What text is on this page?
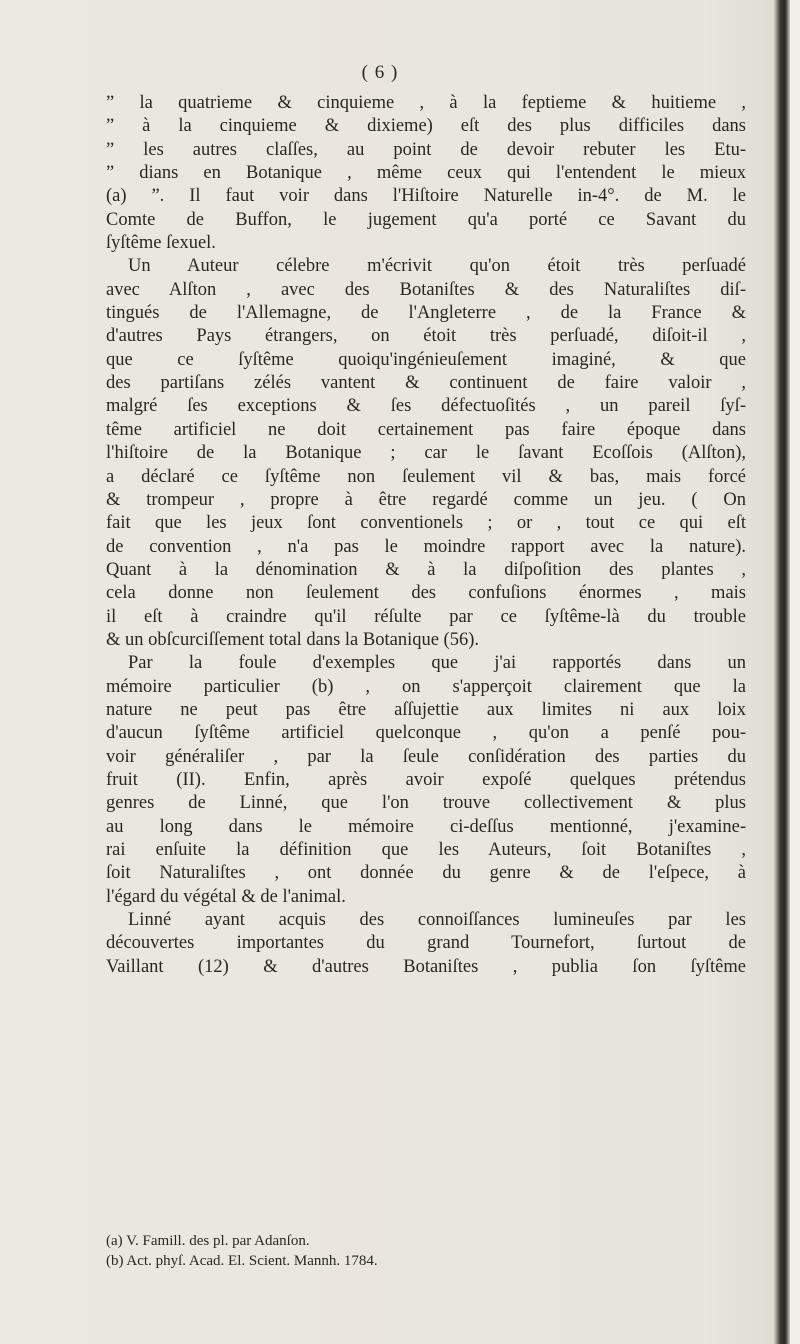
( 6 )
” la quatrieme & cinquieme , à la feptieme & huitieme ,
” à la cinquieme & dixieme) eſt des plus difficiles dans
” les autres claſſes, au point de devoir rebuter les Etu-
” dians en Botanique , même ceux qui l'entendent le mieux
(a) ”. Il faut voir dans l'Hiſtoire Naturelle in-4°. de M. le
Comte de Buffon, le jugement qu'a porté ce Savant du
ſyſtême ſexuel.
Un Auteur célebre m'écrivit qu'on étoit très perſuadé
avec Alſton , avec des Botaniſtes & des Naturaliſtes diſ-
tingués de l'Allemagne, de l'Angleterre , de la France &
d'autres Pays étrangers, on étoit très perſuadé, diſoit-il ,
que ce ſyſtême quoiqu'ingénieuſement imaginé, & que
des partiſans zélés vantent & continuent de faire valoir ,
malgré ſes exceptions & ſes défectuoſités , un pareil ſyſ-
tême artificiel ne doit certainement pas faire époque dans
l'hiſtoire de la Botanique ; car le ſavant Ecoſſois (Alſton),
a déclaré ce ſyſtême non ſeulement vil & bas, mais forcé
& trompeur , propre à être regardé comme un jeu. ( On
fait que les jeux ſont conventionels ; or , tout ce qui eſt
de convention , n'a pas le moindre rapport avec la nature).
Quant à la dénomination & à la diſpoſition des plantes ,
cela donne non ſeulement des confuſions énormes , mais
il eſt à craindre qu'il réſulte par ce ſyſtême-là du trouble
& un obſcurciſſement total dans la Botanique (56).
Par la foule d'exemples que j'ai rapportés dans un
mémoire particulier (b) , on s'apperçoit clairement que la
nature ne peut pas être aſſujettie aux limites ni aux loix
d'aucun ſyſtême artificiel quelconque , qu'on a penſé pou-
voir généraliſer , par la ſeule conſidération des parties du
fruit (II). Enfin, après avoir expoſé quelques prétendus
genres de Linné, que l'on trouve collectivement & plus
au long dans le mémoire ci-deſſus mentionné, j'examine-
rai enſuite la définition que les Auteurs, ſoit Botaniſtes ,
ſoit Naturaliſtes , ont donnée du genre & de l'eſpece, à
l'égard du végétal & de l'animal.
Linné ayant acquis des connoiſſances lumineuſes par les
découvertes importantes du grand Tournefort, ſurtout de
Vaillant (12) & d'autres Botaniſtes , publia ſon ſyſtême
(a) V. Famill. des pl. par Adanſon.
(b) Act. phyſ. Acad. El. Scient. Mannh. 1784.
